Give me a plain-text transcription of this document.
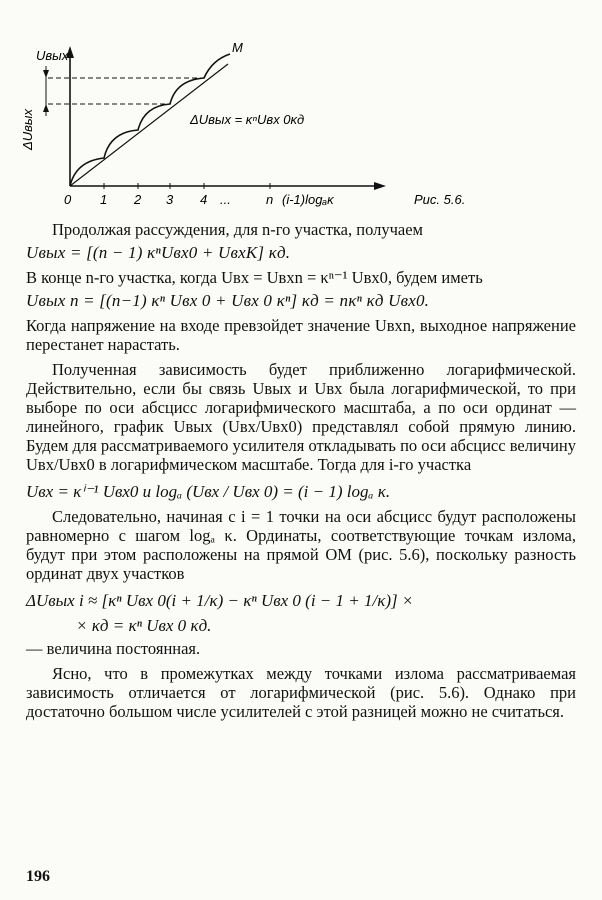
Uвых
ΔUвых
M
ΔUвых = κⁿUвх 0κд
0 1 2 3 4 ...	n (i-1)logₐκ	Рис. 5.6.

Продолжая рассуждения, для n-го участка, получаем

Uвых = [(n − 1) κⁿUвх0 + UвхK] κд.

В конце n-го участка, когда Uвх = Uвхn = κⁿ⁻¹ Uвх0, будем иметь

Uвых n = [(n−1) κⁿ Uвх 0 + Uвх 0 κⁿ] κд = nκⁿ κд Uвх0.

Когда напряжение на входе превзойдет значение Uвхn, выходное напряжение перестанет нарастать.

Полученная зависимость будет приближенно логарифмической. Действительно, если бы связь Uвых и Uвх была логарифмической, то при выборе по оси абсцисс логарифмического масштаба, а по оси ординат — линейного, график Uвых (Uвх/Uвх0) представлял собой прямую линию. Будем для рассматриваемого усилителя откладывать по оси абсцисс величину Uвх/Uвх0 в логарифмическом масштабе. Тогда для i-го участка

Uвх = κⁱ⁻¹ Uвх0 и logₐ (Uвх / Uвх 0) = (i − 1) logₐ κ.

Следовательно, начиная с i = 1 точки на оси абсцисс будут расположены равномерно с шагом logₐ κ. Ординаты, соответствующие точкам излома, будут при этом расположены на прямой OM (рис. 5.6), поскольку разность ординат двух участков

ΔUвых i ≈ [κⁿ Uвх 0(i + 1/κ) − κⁿ Uвх 0 (i − 1 + 1/κ)] ×
× κд = κⁿ Uвх 0 κд.

— величина постоянная.

Ясно, что в промежутках между точками излома рассматриваемая зависимость отличается от логарифмической (рис. 5.6). Однако при достаточно большом числе усилителей с этой разницей можно не считаться.

196
